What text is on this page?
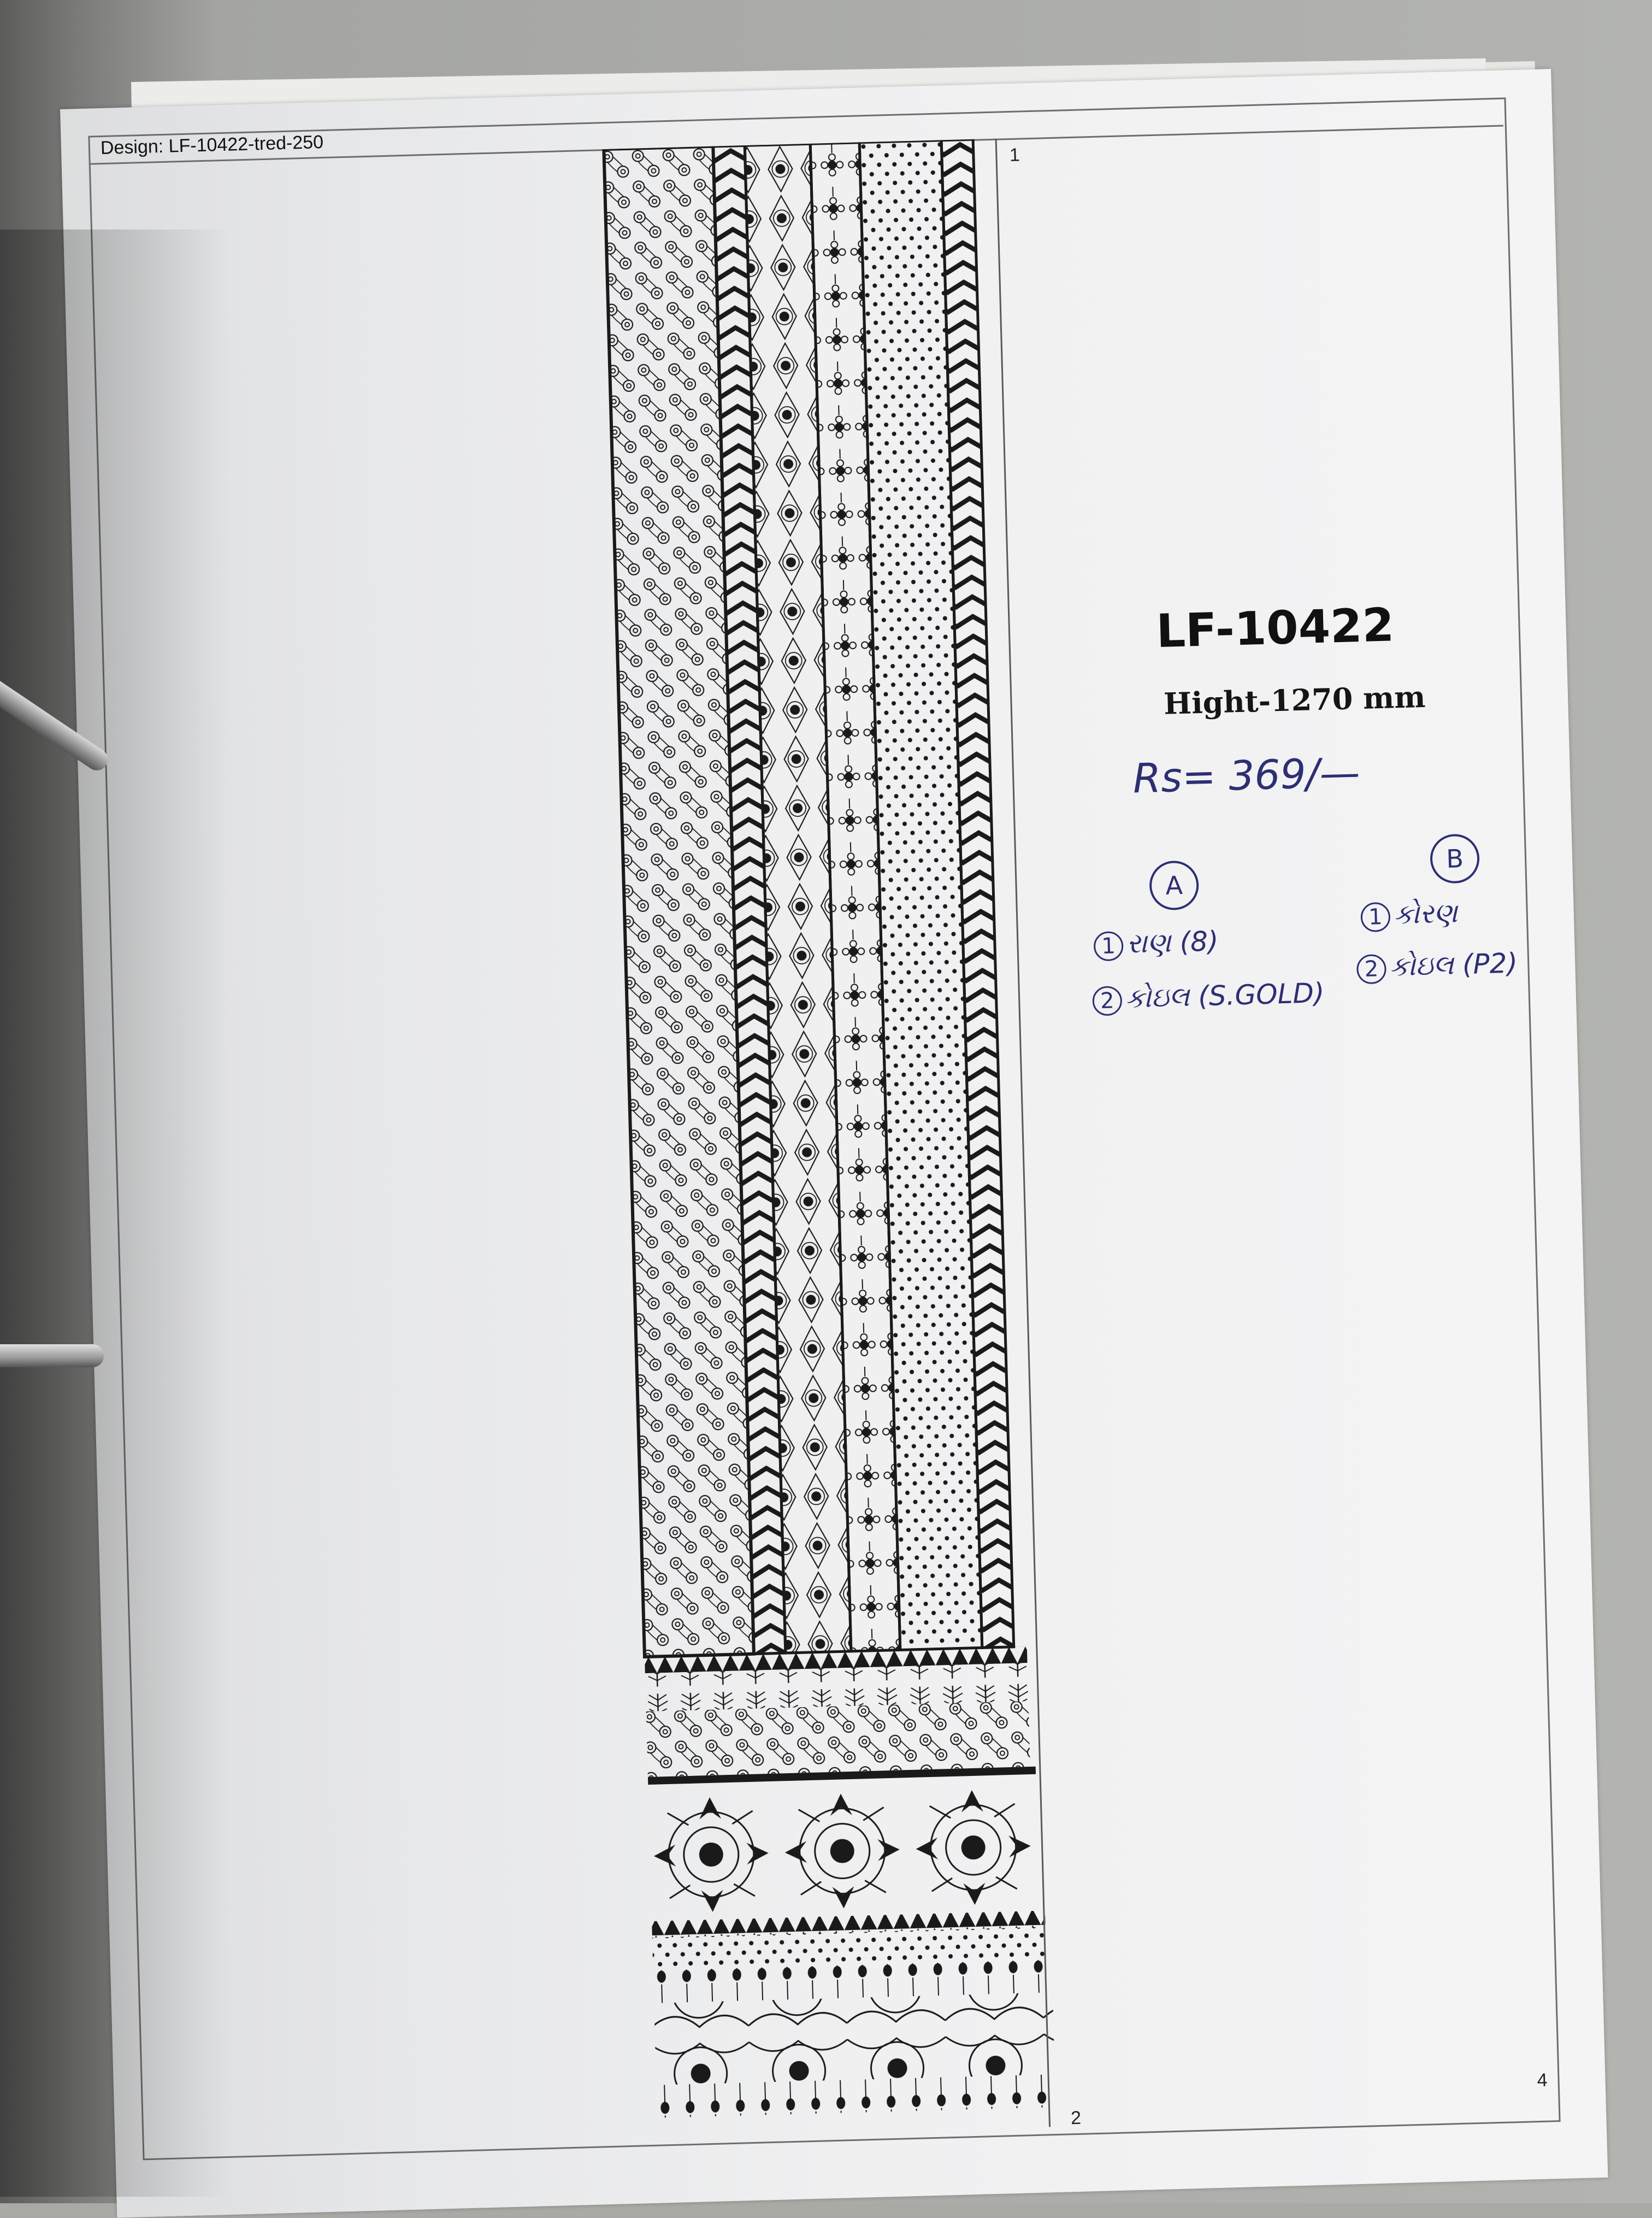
Design: LF-10422-tred-250	1
2
4
LF-10422
Hight-1270 mm
Rs= 369/—
A
B
1 રાણ (8)
2 કોઇલ (S.GOLD)
1 કોરણ
2 કોઇલ (P2)
